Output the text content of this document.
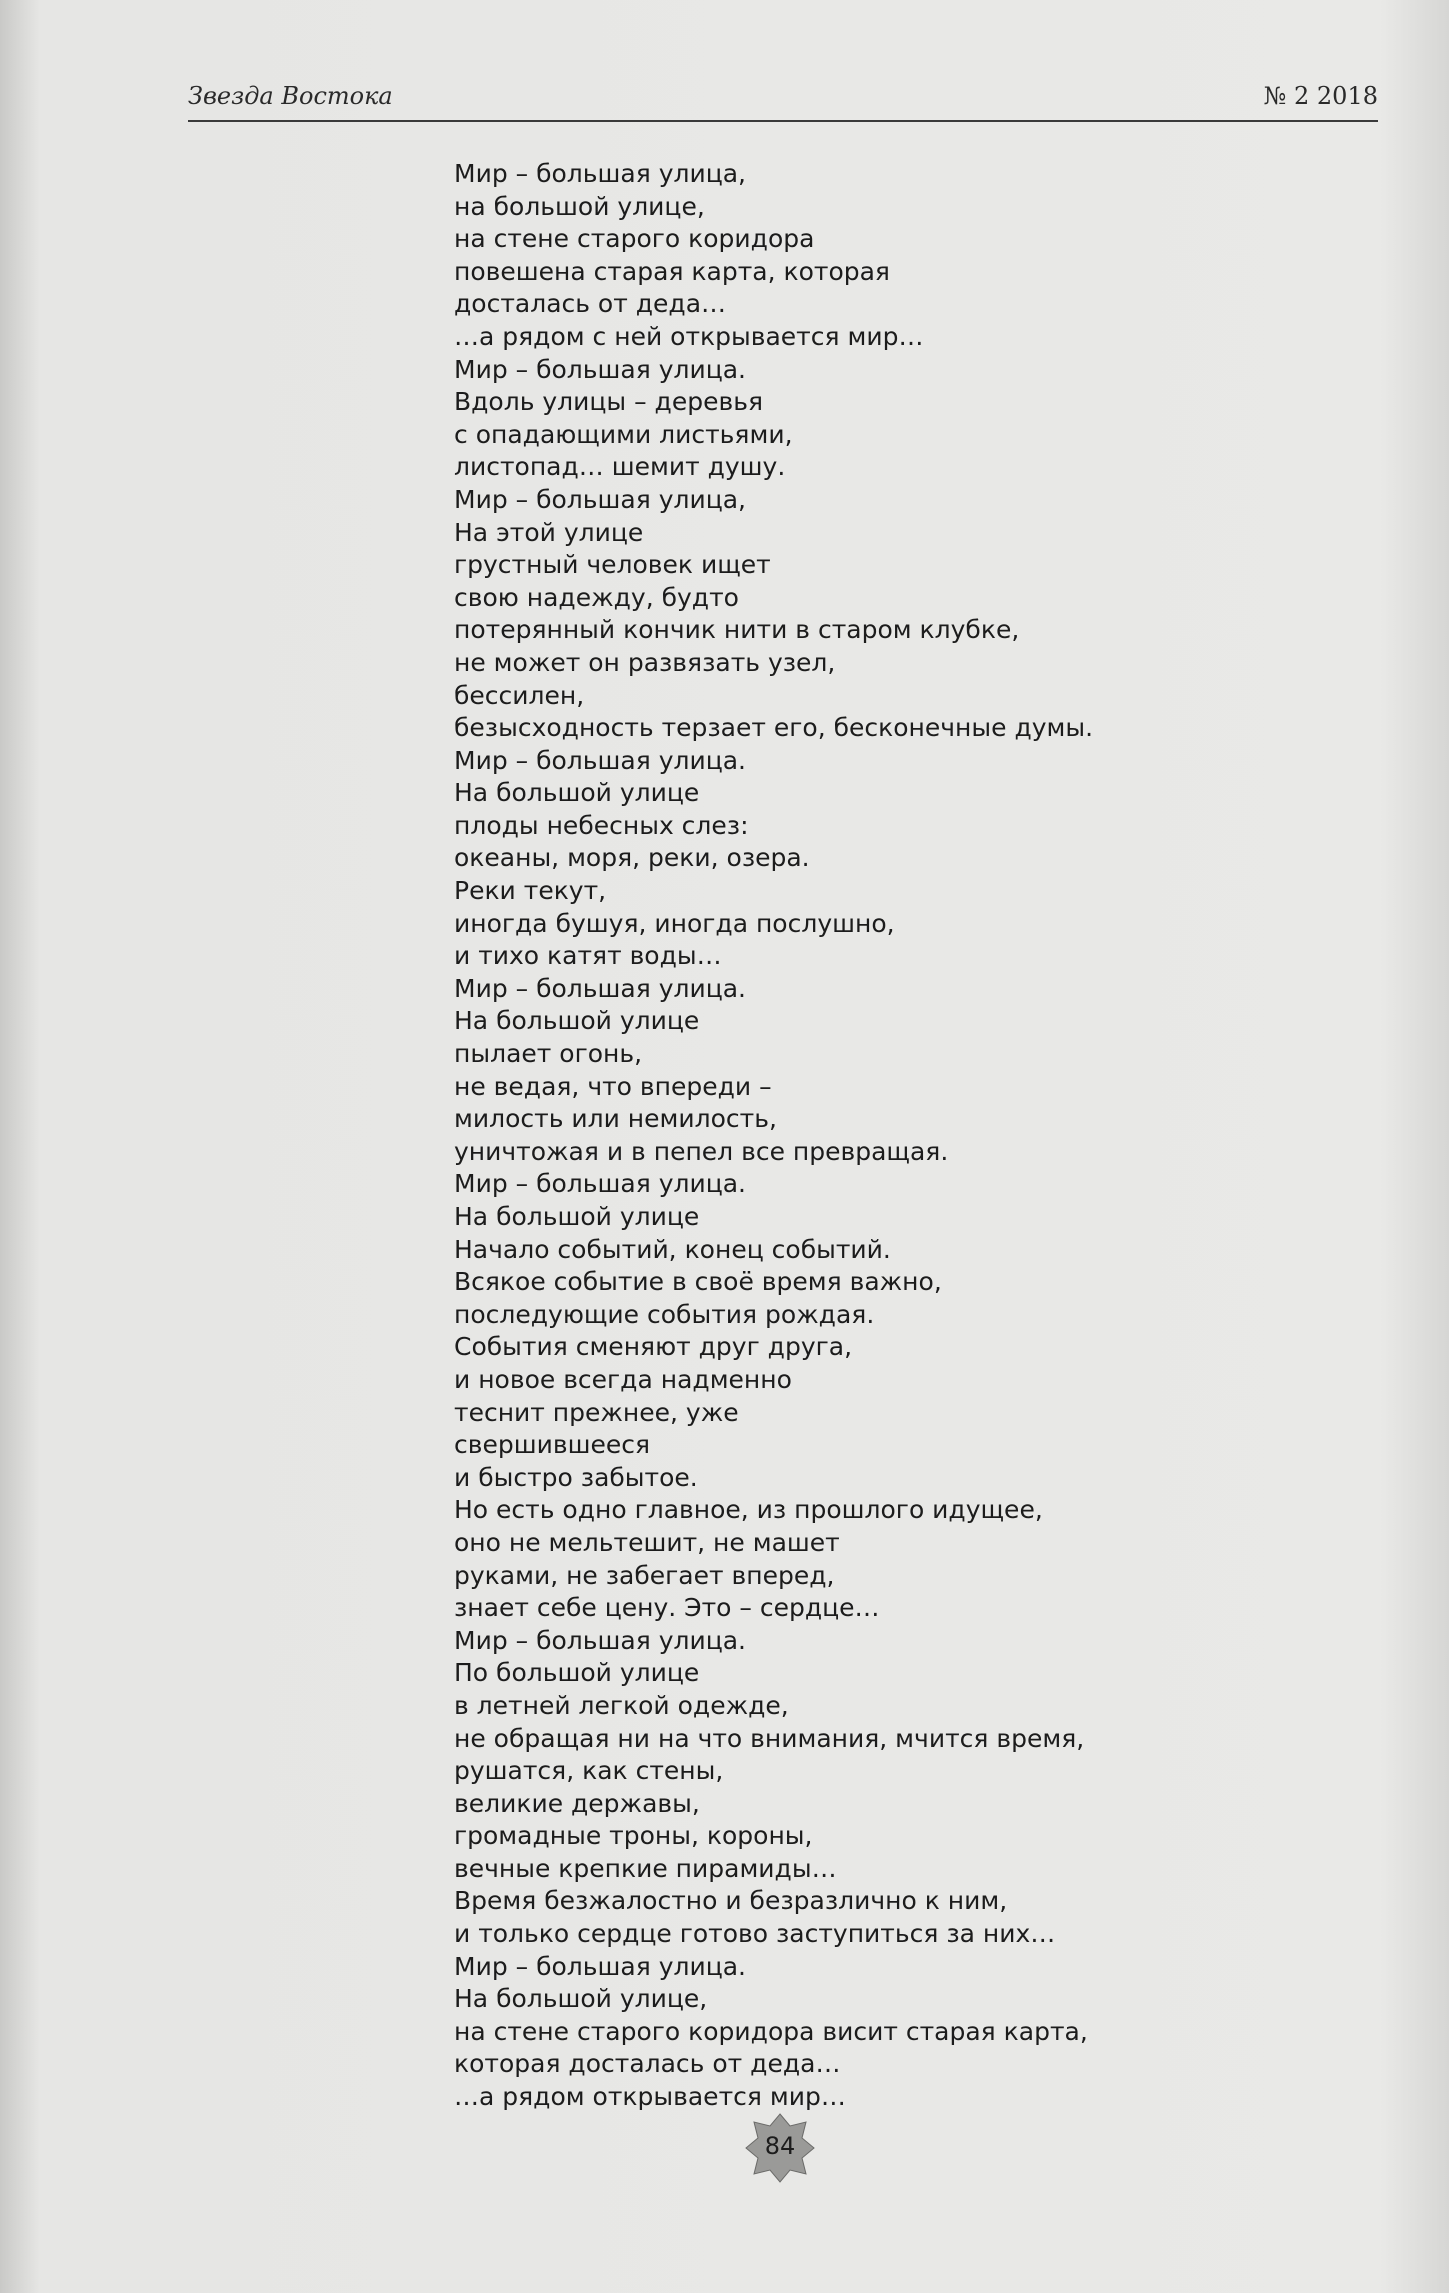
Звезда Востока	№ 2 2018
Мир – большая улица,
на большой улице,
на стене старого коридора
повешена старая карта, которая
досталась от деда…
…а рядом с ней открывается мир…
Мир – большая улица.
Вдоль улицы – деревья
с опадающими листьями,
листопад… шемит душу.
Мир – большая улица,
На этой улице
грустный человек ищет
свою надежду, будто
потерянный кончик нити в старом клубке,
не может он развязать узел,
бессилен,
безысходность терзает его, бесконечные думы.
Мир – большая улица.
На большой улице
плоды небесных слез:
океаны, моря, реки, озера.
Реки текут,
иногда бушуя, иногда послушно,
и тихо катят воды…
Мир – большая улица.
На большой улице
пылает огонь,
не ведая, что впереди –
милость или немилость,
уничтожая и в пепел все превращая.
Мир – большая улица.
На большой улице
Начало событий, конец событий.
Всякое событие в своё время важно,
последующие события рождая.
События сменяют друг друга,
и новое всегда надменно
теснит прежнее, уже
свершившееся
и быстро забытое.
Но есть одно главное, из прошлого идущее,
оно не мельтешит, не машет
руками, не забегает вперед,
знает себе цену. Это – сердце…
Мир – большая улица.
По большой улице
в летней легкой одежде,
не обращая ни на что внимания, мчится время,
рушатся, как стены,
великие державы,
громадные троны, короны,
вечные крепкие пирамиды…
Время безжалостно и безразлично к ним,
и только сердце готово заступиться за них…
Мир – большая улица.
На большой улице,
на стене старого коридора висит старая карта,
которая досталась от деда…
…а рядом открывается мир…
84
